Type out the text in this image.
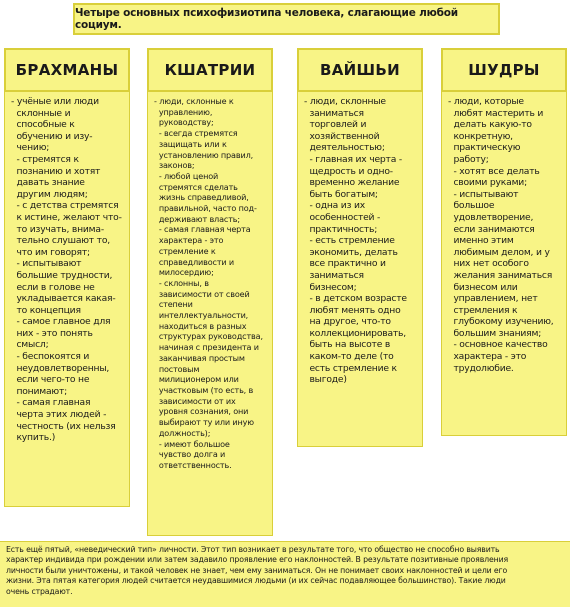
Четыре основных психофизиотипа человека, слагающие любой социум.
БРАХМАНЫ	КШАТРИИ	ВАЙШЬИ	ШУДРЫ

- учёные или люди
склонные и
способные к
обучению и изу-
чению;
- стремятся к
познанию и хотят
давать знание
другим людям;
- с детства стремятся
к истине, желают что-
то изучать, внима-
тельно слушают то,
что им говорят;
- испытывают
большие трудности,
если в голове не
укладывается какая-
то концепция
- самое главное для
них - это понять
смысл;
- беспокоятся и
неудовлетворенны,
если чего-то не
понимают;
- самая главная
черта этих людей -
честность (их нельзя
купить.)

- люди, склонные к
управлению,
руководству;
- всегда стремятся
защищать или к
установлению правил,
законов;
- любой ценой
стремятся сделать
жизнь справедливой,
правильной, часто под-
держивают власть;
- самая главная черта
характера - это
стремление к
справедливости и
милосердию;
- склонны, в
зависимости от своей
степени
интеллектуальности,
находиться в разных
структурах руководства,
начиная с президента и
заканчивая простым
постовым
милиционером или
участковым (то есть, в
зависимости от их
уровня сознания, они
выбирают ту или иную
должность);
- имеют большое
чувство долга и
ответственность.

- люди, склонные
заниматься
торговлей и
хозяйственной
деятельностью;
- главная их черта -
щедрость и одно-
временно желание
быть богатым;
- одна из их
особенностей -
практичность;
- есть стремление
экономить, делать
все практично и
заниматься
бизнесом;
- в детском возрасте
любят менять одно
на другое, что-то
коллекционировать,
быть на высоте в
каком-то деле (то
есть стремление к
выгоде)

- люди, которые
любят мастерить и
делать какую-то
конкретную,
практическую
работу;
- хотят все делать
своими руками;
- испытывают
большое
удовлетворение,
если занимаются
именно этим
любимым делом, и у
них нет особого
желания заниматься
бизнесом или
управлением, нет
стремления к
глубокому изучению,
большим знаниям;
- основное качество
характера - это
трудолюбие.

Есть ещё пятый, «неведический тип» личности. Этот тип возникает в результате того, что общество не способно выявить
характер индивида при рождении или затем задавило проявление его наклонностей. В результате позитивные проявления
личности были уничтожены, и такой человек не знает, чем ему заниматься. Он не понимает своих наклонностей и цели его
жизни. Эта пятая категория людей считается неудавшимися людьми (и их сейчас подавляющее большинство). Такие люди
очень страдают.
